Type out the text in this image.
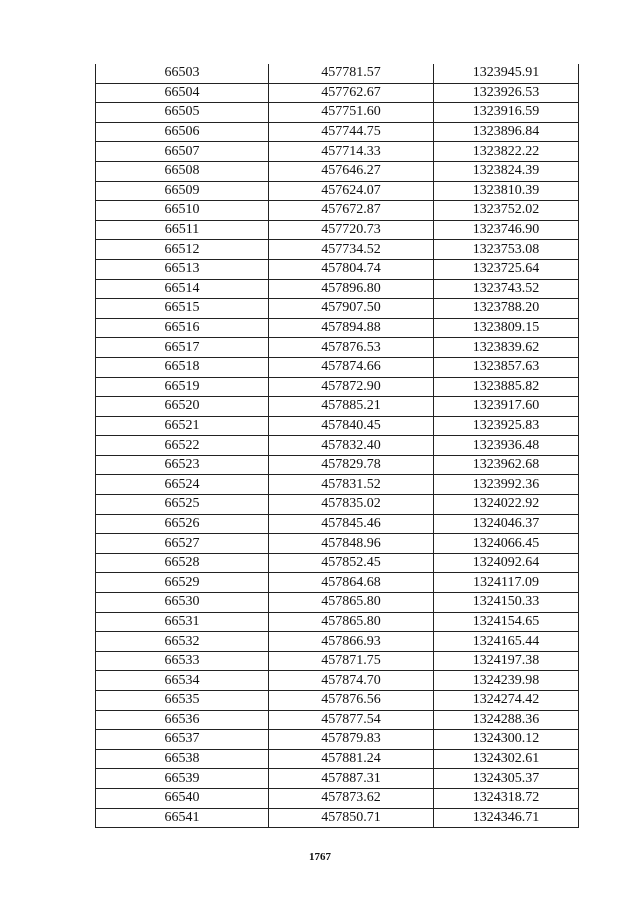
66503	457781.57	1323945.91
66504	457762.67	1323926.53
66505	457751.60	1323916.59
66506	457744.75	1323896.84
66507	457714.33	1323822.22
66508	457646.27	1323824.39
66509	457624.07	1323810.39
66510	457672.87	1323752.02
66511	457720.73	1323746.90
66512	457734.52	1323753.08
66513	457804.74	1323725.64
66514	457896.80	1323743.52
66515	457907.50	1323788.20
66516	457894.88	1323809.15
66517	457876.53	1323839.62
66518	457874.66	1323857.63
66519	457872.90	1323885.82
66520	457885.21	1323917.60
66521	457840.45	1323925.83
66522	457832.40	1323936.48
66523	457829.78	1323962.68
66524	457831.52	1323992.36
66525	457835.02	1324022.92
66526	457845.46	1324046.37
66527	457848.96	1324066.45
66528	457852.45	1324092.64
66529	457864.68	1324117.09
66530	457865.80	1324150.33
66531	457865.80	1324154.65
66532	457866.93	1324165.44
66533	457871.75	1324197.38
66534	457874.70	1324239.98
66535	457876.56	1324274.42
66536	457877.54	1324288.36
66537	457879.83	1324300.12
66538	457881.24	1324302.61
66539	457887.31	1324305.37
66540	457873.62	1324318.72
66541	457850.71	1324346.71
1767
